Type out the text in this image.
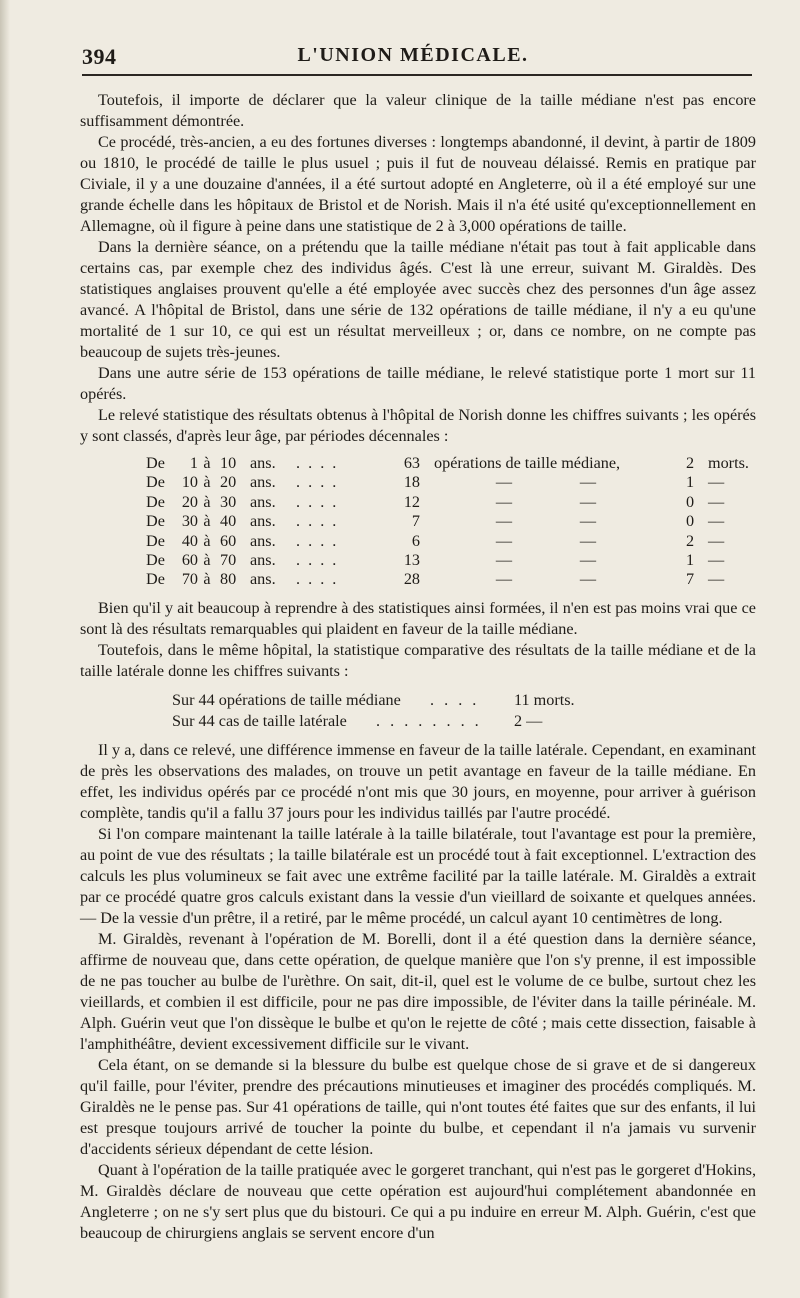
394	L'UNION MÉDICALE.

Toutefois, il importe de déclarer que la valeur clinique de la taille médiane n'est pas encore suffisamment démontrée.

Ce procédé, très-ancien, a eu des fortunes diverses : longtemps abandonné, il devint, à partir de 1809 ou 1810, le procédé de taille le plus usuel ; puis il fut de nouveau délaissé. Remis en pratique par Civiale, il y a une douzaine d'années, il a été surtout adopté en Angleterre, où il a été employé sur une grande échelle dans les hôpitaux de Bristol et de Norish. Mais il n'a été usité qu'exceptionnellement en Allemagne, où il figure à peine dans une statistique de 2 à 3,000 opérations de taille.

Dans la dernière séance, on a prétendu que la taille médiane n'était pas tout à fait applicable dans certains cas, par exemple chez des individus âgés. C'est là une erreur, suivant M. Giraldès. Des statistiques anglaises prouvent qu'elle a été employée avec succès chez des personnes d'un âge assez avancé. A l'hôpital de Bristol, dans une série de 132 opérations de taille médiane, il n'y a eu qu'une mortalité de 1 sur 10, ce qui est un résultat merveilleux ; or, dans ce nombre, on ne compte pas beaucoup de sujets très-jeunes.

Dans une autre série de 153 opérations de taille médiane, le relevé statistique porte 1 mort sur 11 opérés.

Le relevé statistique des résultats obtenus à l'hôpital de Norish donne les chiffres suivants ; les opérés y sont classés, d'après leur âge, par périodes décennales :

De	1 à 10 ans.	. . . .	63 opérations de taille médiane,	2 morts.
De	10 à 20 ans.	. . . .	18	—	—	1 —
De	20 à 30 ans.	. . . .	12	—	—	0 —
De	30 à 40 ans.	. . . .	7	—	—	0 —
De	40 à 60 ans.	. . . .	6	—	—	2 —
De	60 à 70 ans.	. . . .	13	—	—	1 —
De	70 à 80 ans.	. . . .	28	—	—	7 —

Bien qu'il y ait beaucoup à reprendre à des statistiques ainsi formées, il n'en est pas moins vrai que ce sont là des résultats remarquables qui plaident en faveur de la taille médiane.

Toutefois, dans le même hôpital, la statistique comparative des résultats de la taille médiane et de la taille latérale donne les chiffres suivants :

Sur 44 opérations de taille médiane	. . . .	11 morts.
Sur 44 cas de taille latérale	. . . . . . . .	2 —

Il y a, dans ce relevé, une différence immense en faveur de la taille latérale. Cependant, en examinant de près les observations des malades, on trouve un petit avantage en faveur de la taille médiane. En effet, les individus opérés par ce procédé n'ont mis que 30 jours, en moyenne, pour arriver à guérison complète, tandis qu'il a fallu 37 jours pour les individus taillés par l'autre procédé.

Si l'on compare maintenant la taille latérale à la taille bilatérale, tout l'avantage est pour la première, au point de vue des résultats ; la taille bilatérale est un procédé tout à fait exceptionnel. L'extraction des calculs les plus volumineux se fait avec une extrême facilité par la taille latérale. M. Giraldès a extrait par ce procédé quatre gros calculs existant dans la vessie d'un vieillard de soixante et quelques années. — De la vessie d'un prêtre, il a retiré, par le même procédé, un calcul ayant 10 centimètres de long.

M. Giraldès, revenant à l'opération de M. Borelli, dont il a été question dans la dernière séance, affirme de nouveau que, dans cette opération, de quelque manière que l'on s'y prenne, il est impossible de ne pas toucher au bulbe de l'urèthre. On sait, dit-il, quel est le volume de ce bulbe, surtout chez les vieillards, et combien il est difficile, pour ne pas dire impossible, de l'éviter dans la taille périnéale. M. Alph. Guérin veut que l'on dissèque le bulbe et qu'on le rejette de côté ; mais cette dissection, faisable à l'amphithéâtre, devient excessivement difficile sur le vivant.

Cela étant, on se demande si la blessure du bulbe est quelque chose de si grave et de si dangereux qu'il faille, pour l'éviter, prendre des précautions minutieuses et imaginer des procédés compliqués. M. Giraldès ne le pense pas. Sur 41 opérations de taille, qui n'ont toutes été faites que sur des enfants, il lui est presque toujours arrivé de toucher la pointe du bulbe, et cependant il n'a jamais vu survenir d'accidents sérieux dépendant de cette lésion.

Quant à l'opération de la taille pratiquée avec le gorgeret tranchant, qui n'est pas le gorgeret d'Hokins, M. Giraldès déclare de nouveau que cette opération est aujourd'hui complétement abandonnée en Angleterre ; on ne s'y sert plus que du bistouri. Ce qui a pu induire en erreur M. Alph. Guérin, c'est que beaucoup de chirurgiens anglais se servent encore d'un
